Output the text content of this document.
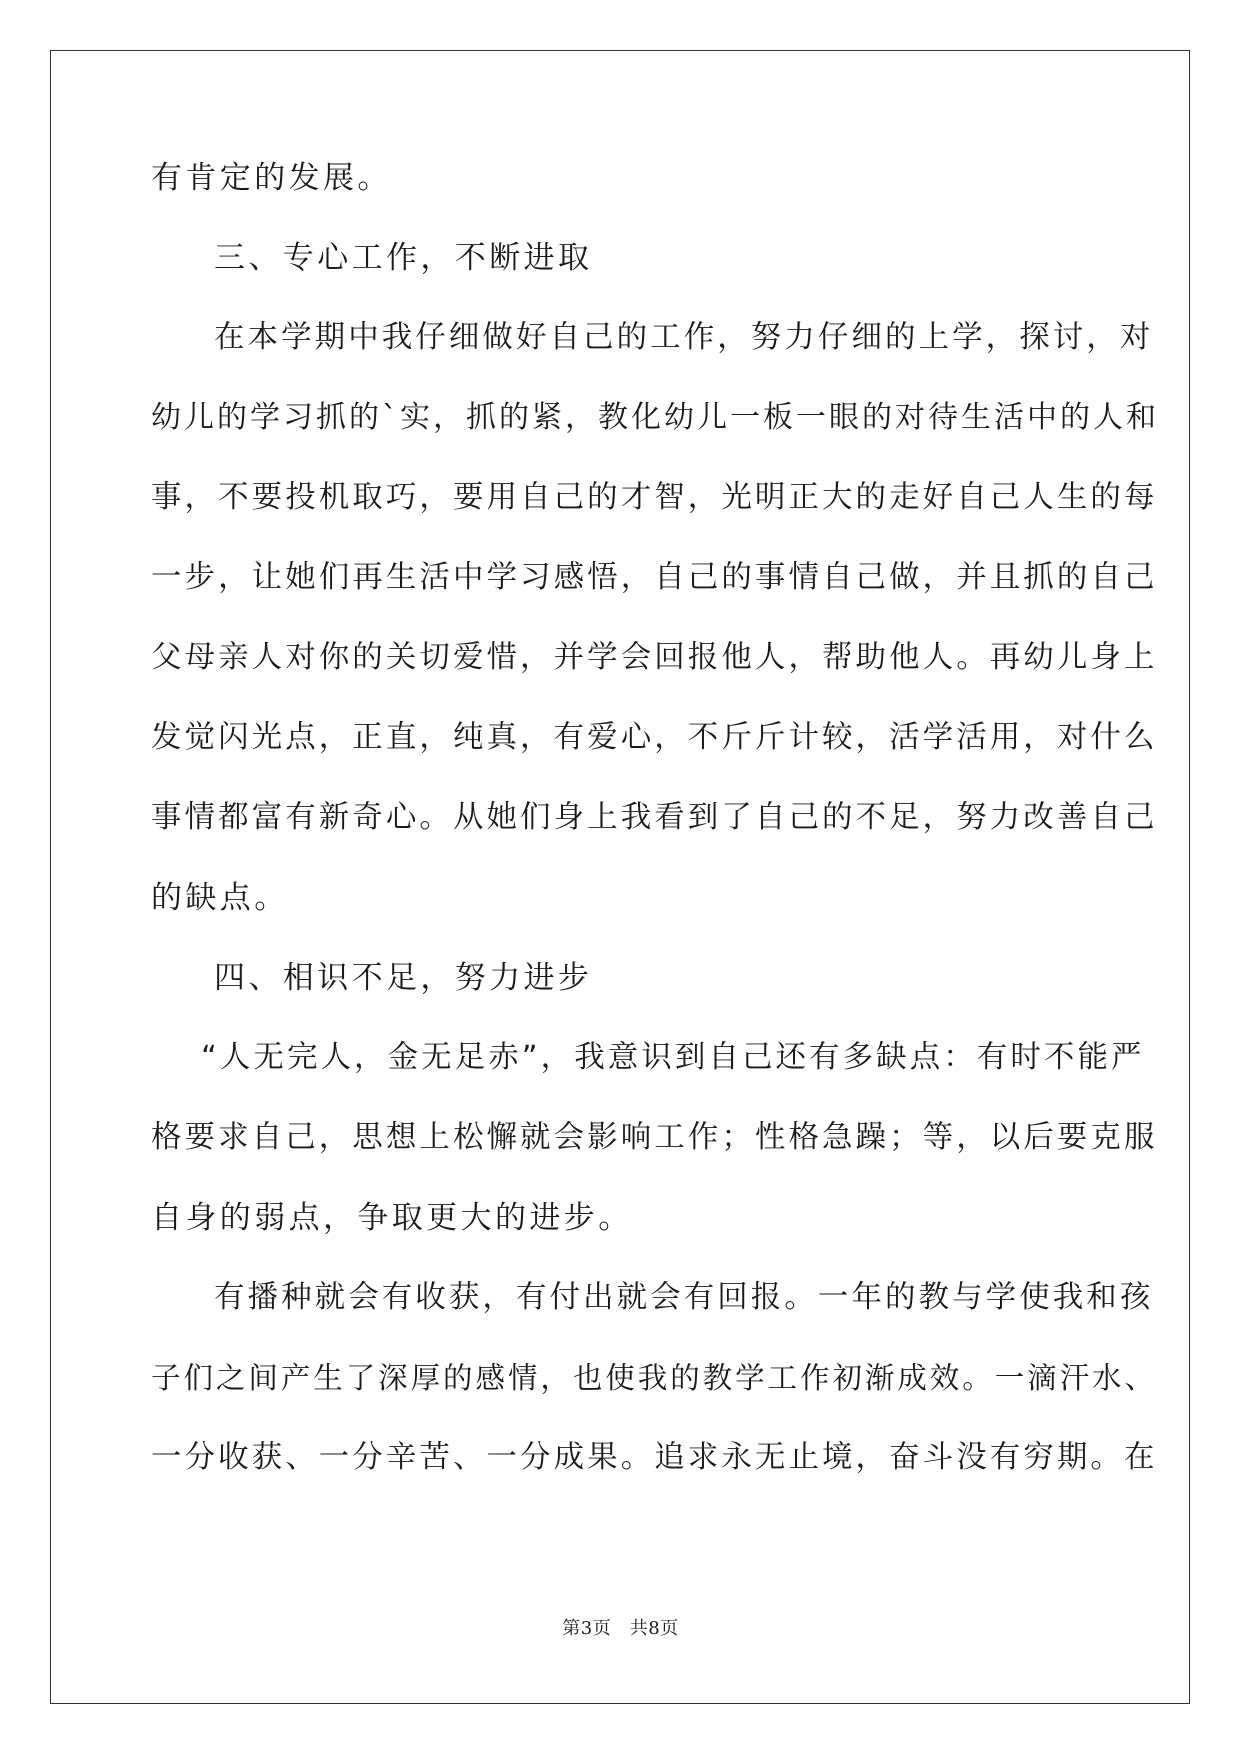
有肯定的发展。
三、专心工作，不断进取
在本学期中我仔细做好自己的工作，努力仔细的上学，探讨，对
幼儿的学习抓的`实，抓的紧，教化幼儿一板一眼的对待生活中的人和
事，不要投机取巧，要用自己的才智，光明正大的走好自己人生的每
一步，让她们再生活中学习感悟，自己的事情自己做，并且抓的自己
父母亲人对你的关切爱惜，并学会回报他人，帮助他人。再幼儿身上
发觉闪光点，正直，纯真，有爱心，不斤斤计较，活学活用，对什么
事情都富有新奇心。从她们身上我看到了自己的不足，努力改善自己
的缺点。
四、相识不足，努力进步
“人无完人，金无足赤”，我意识到自己还有多缺点：有时不能严
格要求自己，思想上松懈就会影响工作；性格急躁；等，以后要克服
自身的弱点，争取更大的进步。
有播种就会有收获，有付出就会有回报。一年的教与学使我和孩
子们之间产生了深厚的感情，也使我的教学工作初渐成效。一滴汗水、
一分收获、一分辛苦、一分成果。追求永无止境，奋斗没有穷期。在
第3页　共8页
